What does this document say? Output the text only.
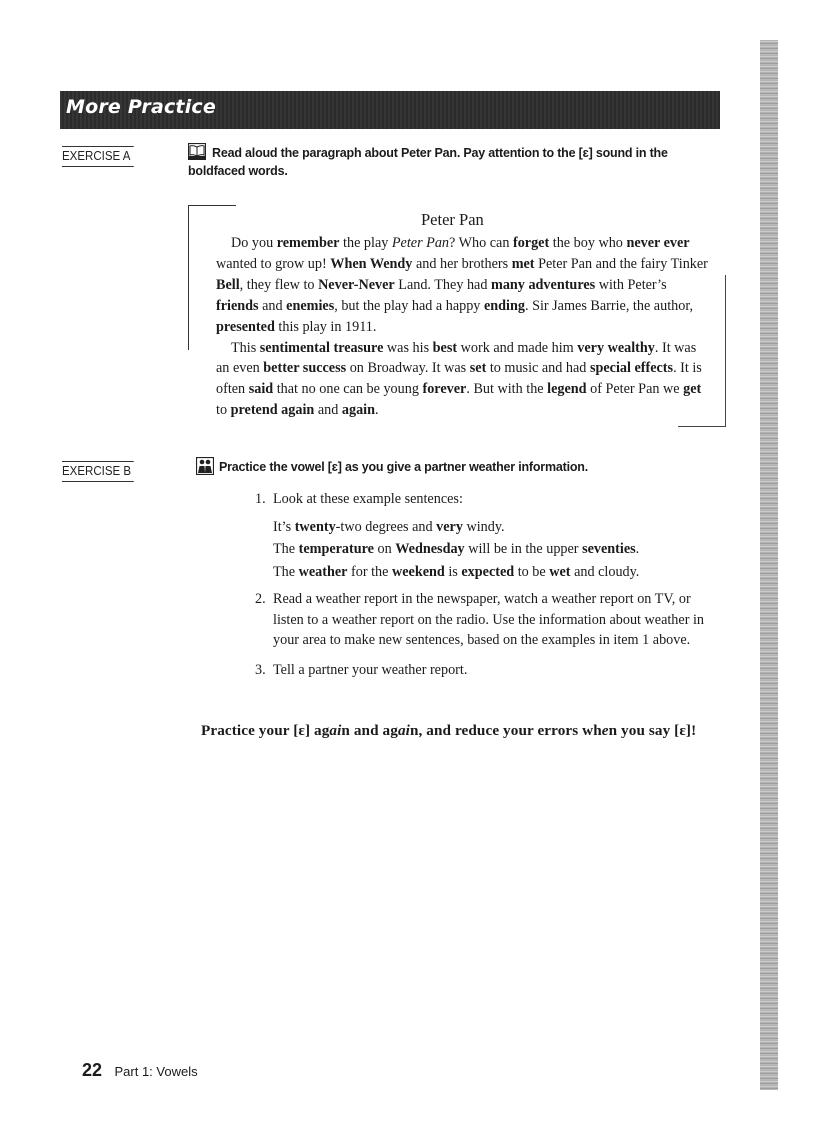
More Practice
EXERCISE A	Read aloud the paragraph about Peter Pan. Pay attention to the [ɛ] sound in the
boldfaced words.
Peter Pan

Do you remember the play Peter Pan? Who can forget the boy who never ever wanted to grow up! When Wendy and her brothers met Peter Pan and the fairy Tinker Bell, they flew to Never-Never Land. They had many adventures with Peter’s friends and enemies, but the play had a happy ending. Sir James Barrie, the author, presented this play in 1911.

This sentimental treasure was his best work and made him very wealthy. It was an even better success on Broadway. It was set to music and had special effects. It is often said that no one can be young forever. But with the legend of Peter Pan we get to pretend again and again.

EXERCISE B	Practice the vowel [ɛ] as you give a partner weather information.
1. Look at these example sentences:
It’s twenty-two degrees and very windy.
The temperature on Wednesday will be in the upper seventies.
The weather for the weekend is expected to be wet and cloudy.
2. Read a weather report in the newspaper, watch a weather report on TV, or listen to a weather report on the radio. Use the information about weather in your area to make new sentences, based on the examples in item 1 above.
3. Tell a partner your weather report.
Practice your [ɛ] again and again, and reduce your errors when you say [ɛ]!
22 Part 1: Vowels
